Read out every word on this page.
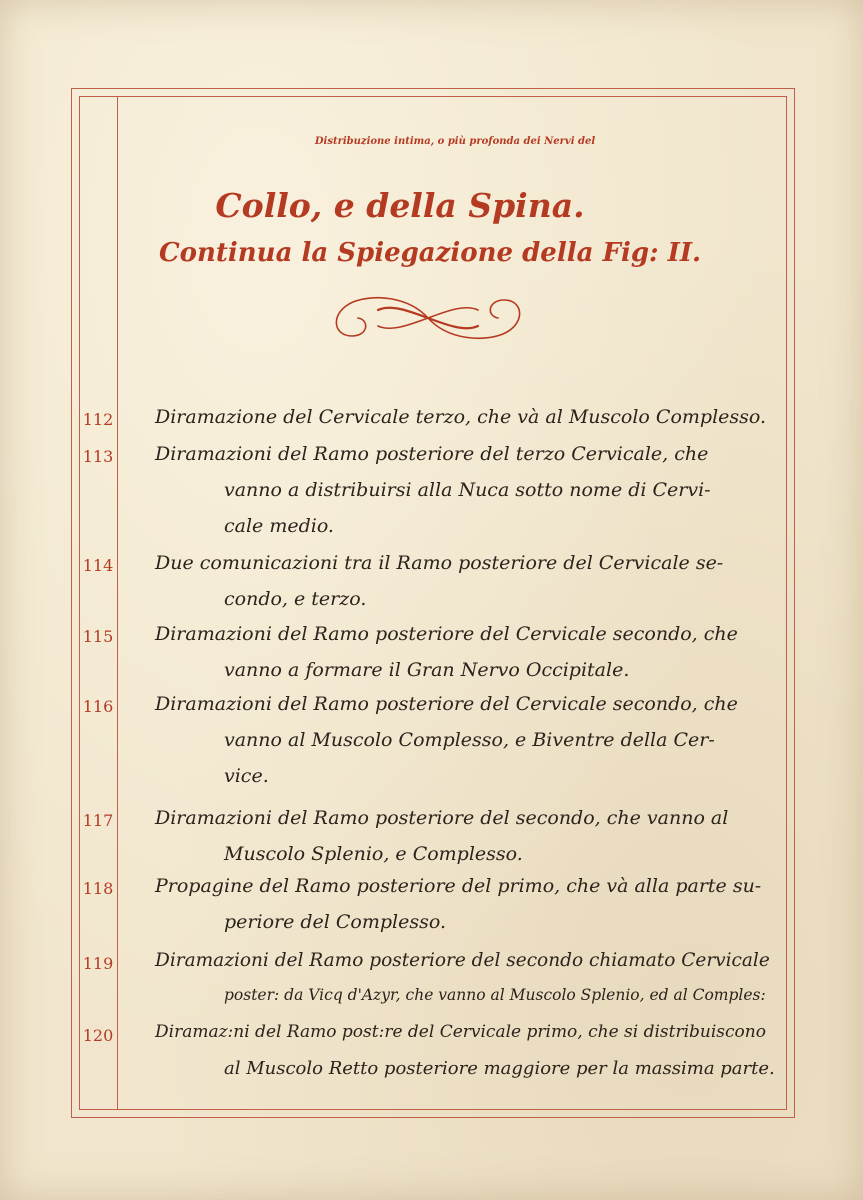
Distribuzione intima, o più profonda dei Nervi del
Collo, e della Spina.
Continua la Spiegazione della Fig: II.
112 Diramazione del Cervicale terzo, che và al Muscolo Complesso.
113 Diramazioni del Ramo posteriore del terzo Cervicale, che
vanno a distribuirsi alla Nuca sotto nome di Cervi-
cale medio.
114 Due comunicazioni tra il Ramo posteriore del Cervicale se-
condo, e terzo.
115 Diramazioni del Ramo posteriore del Cervicale secondo, che
vanno a formare il Gran Nervo Occipitale.
116 Diramazioni del Ramo posteriore del Cervicale secondo, che
vanno al Muscolo Complesso, e Biventre della Cer-
vice.
117 Diramazioni del Ramo posteriore del secondo, che vanno al
Muscolo Splenio, e Complesso.
118 Propagine del Ramo posteriore del primo, che và alla parte su-
periore del Complesso.
119 Diramazioni del Ramo posteriore del secondo chiamato Cervicale
poster: da Vicq d'Azyr, che vanno al Muscolo Splenio, ed al Comples:
120 Diramaz:ni del Ramo post:re del Cervicale primo, che si distribuiscono
al Muscolo Retto posteriore maggiore per la massima parte.
